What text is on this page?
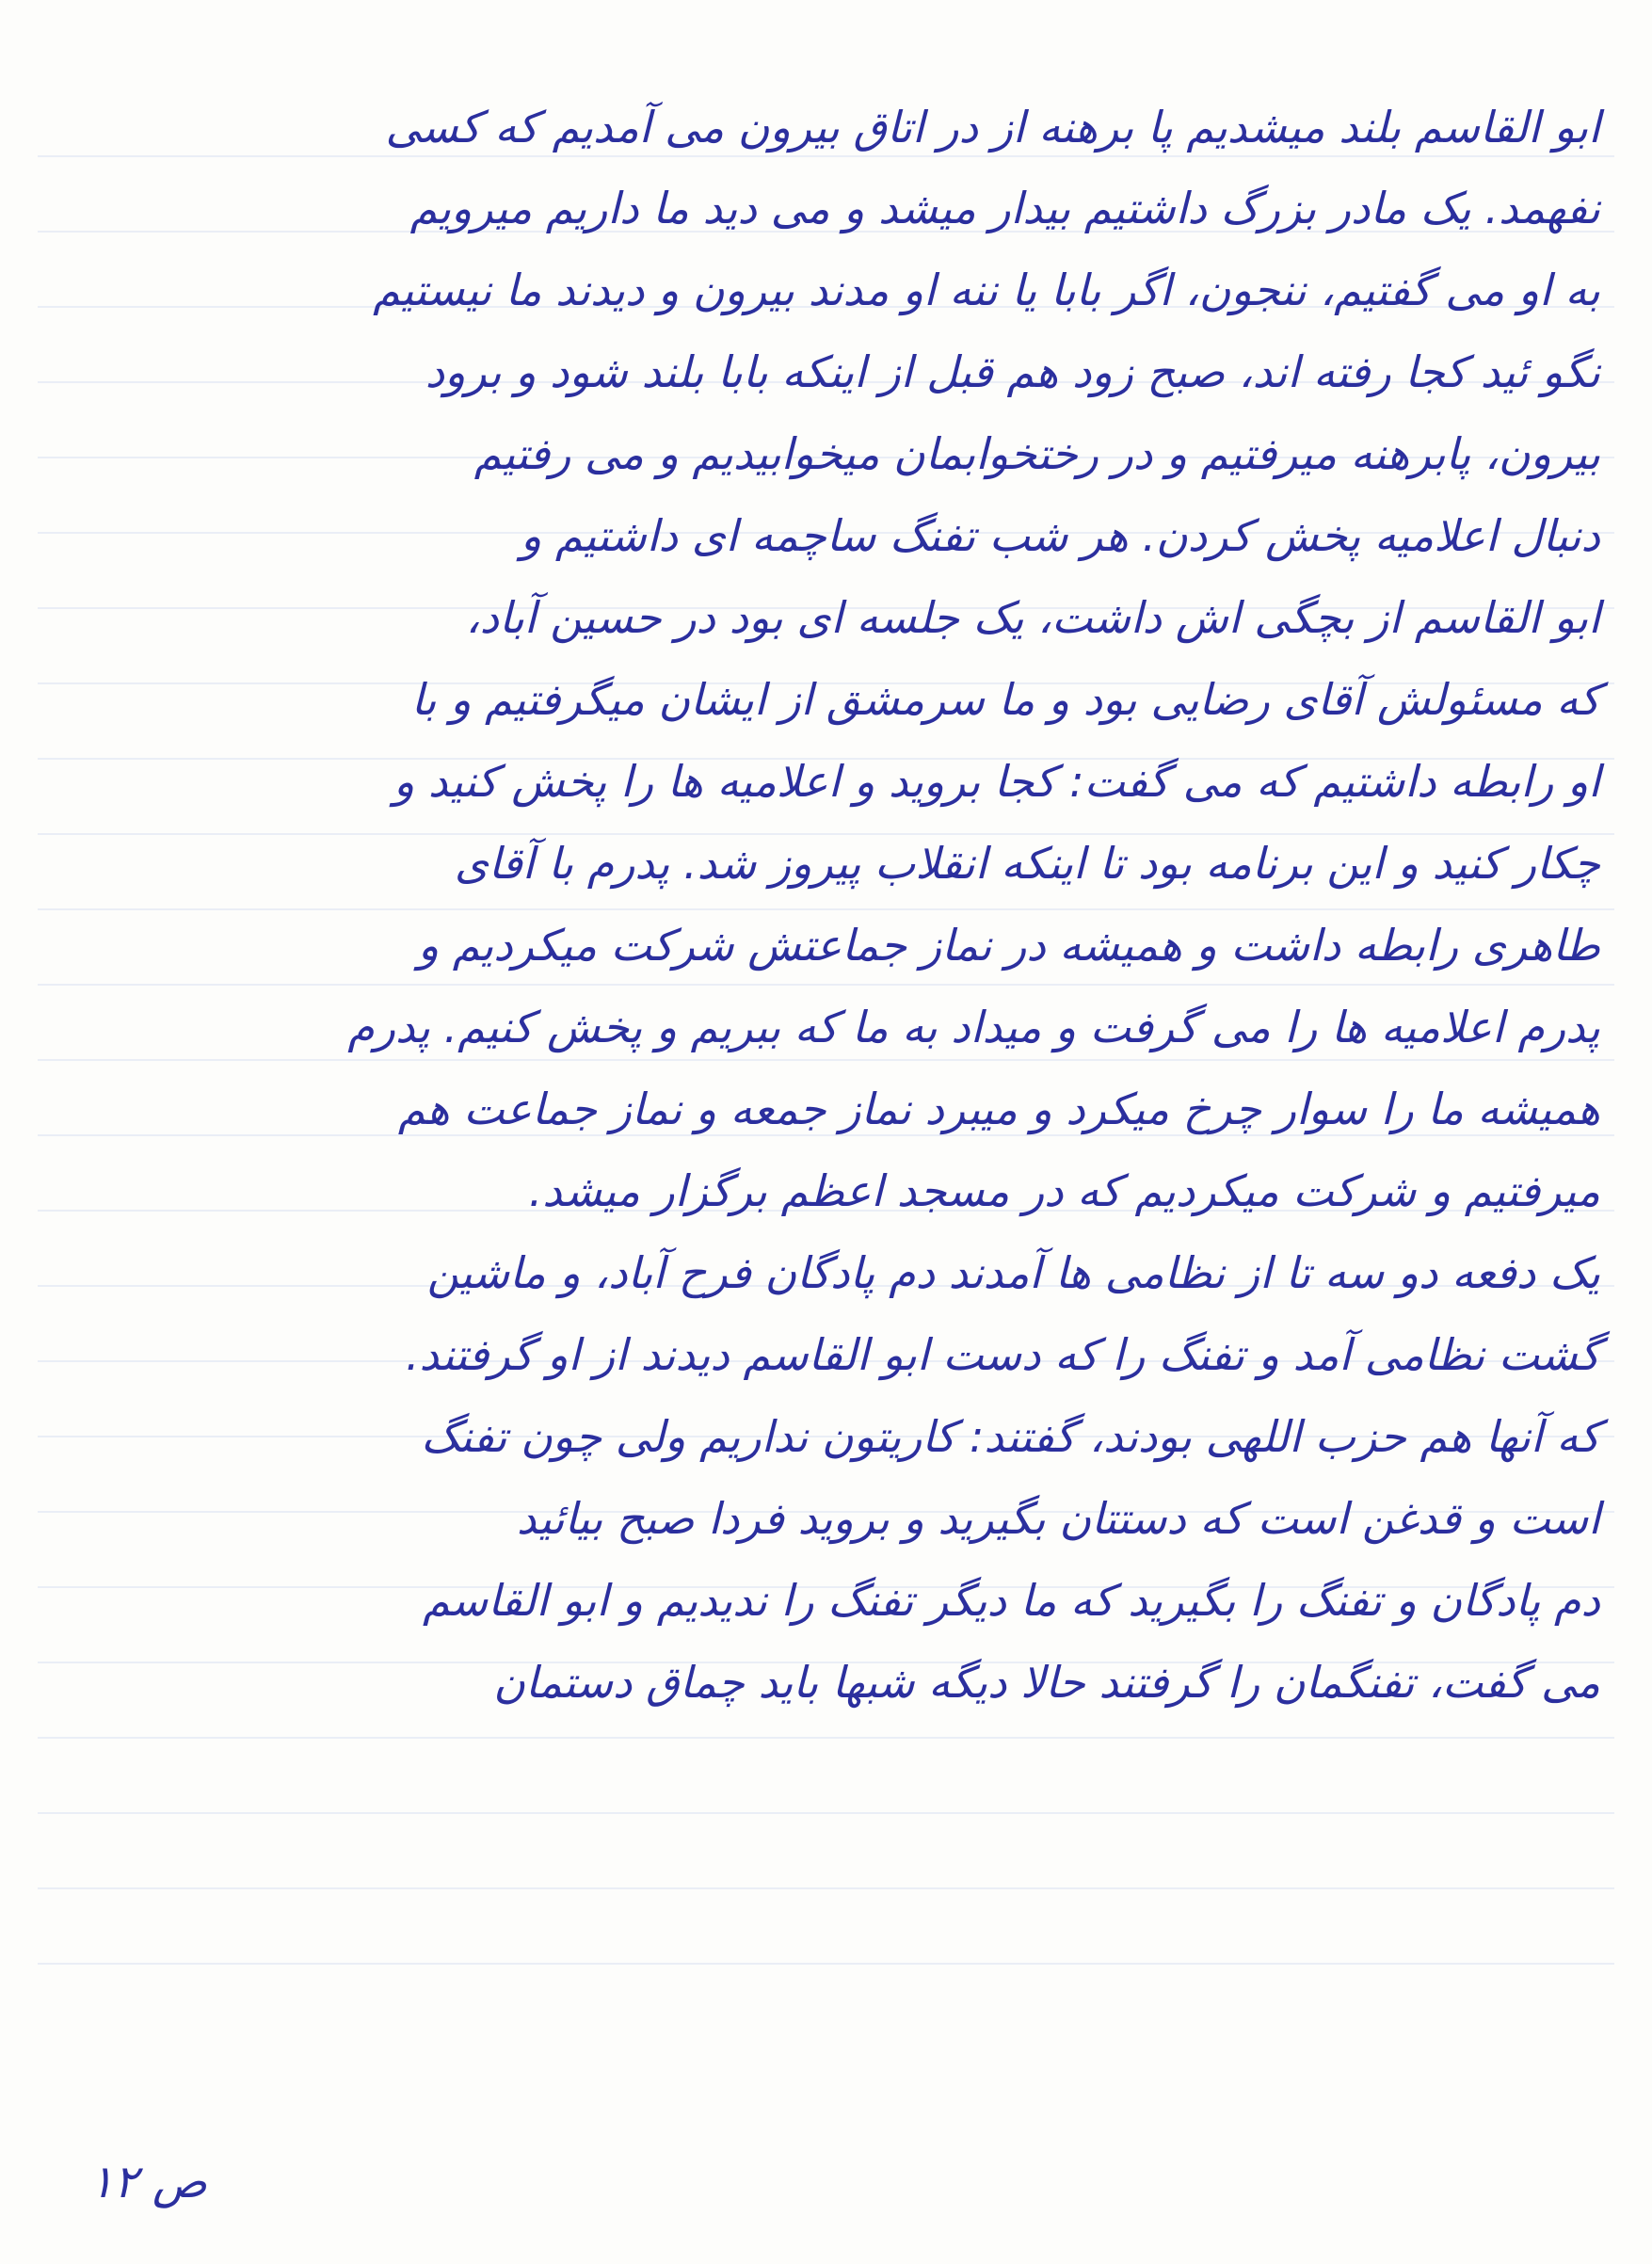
ابو القاسم بلند میشدیم پا برهنه از در اتاق بیرون می آمدیم که کسی
نفهمد. یک مادر بزرگ داشتیم بیدار میشد و می دید ما داریم میرویم
به او می گفتیم، ننجون، اگر بابا یا ننه او مدند بیرون و دیدند ما نیستیم
نگو ئید کجا رفته اند، صبح زود هم قبل از اینکه بابا بلند شود و برود
بیرون، پابرهنه میرفتیم و در رختخوابمان میخوابیدیم و می رفتیم
دنبال اعلامیه پخش کردن. هر شب تفنگ ساچمه ای داشتیم و
ابو القاسم از بچگی اش داشت، یک جلسه ای بود در حسین آباد،
که مسئولش آقای رضایی بود و ما سرمشق از ایشان میگرفتیم و با
او رابطه داشتیم که می گفت: کجا بروید و اعلامیه ها را پخش کنید و
چکار کنید و این برنامه بود تا اینکه انقلاب پیروز شد. پدرم با آقای
طاهری رابطه داشت و همیشه در نماز جماعتش شرکت میکردیم و
پدرم اعلامیه ها را می گرفت و میداد به ما که ببریم و پخش کنیم. پدرم
همیشه ما را سوار چرخ میکرد و میبرد نماز جمعه و نماز جماعت هم
میرفتیم و شرکت میکردیم که در مسجد اعظم برگزار میشد.
یک دفعه دو سه تا از نظامی ها آمدند دم پادگان فرح آباد، و ماشین
گشت نظامی آمد و تفنگ را که دست ابو القاسم دیدند از او گرفتند.
که آنها هم حزب اللهی بودند، گفتند: کاریتون نداریم ولی چون تفنگ
است و قدغن است که دستتان بگیرید و بروید فردا صبح بیائید
دم پادگان و تفنگ را بگیرید که ما دیگر تفنگ را ندیدیم و ابو القاسم
می گفت، تفنگمان را گرفتند حالا دیگه شبها باید چماق دستمان
ص ۱۲
